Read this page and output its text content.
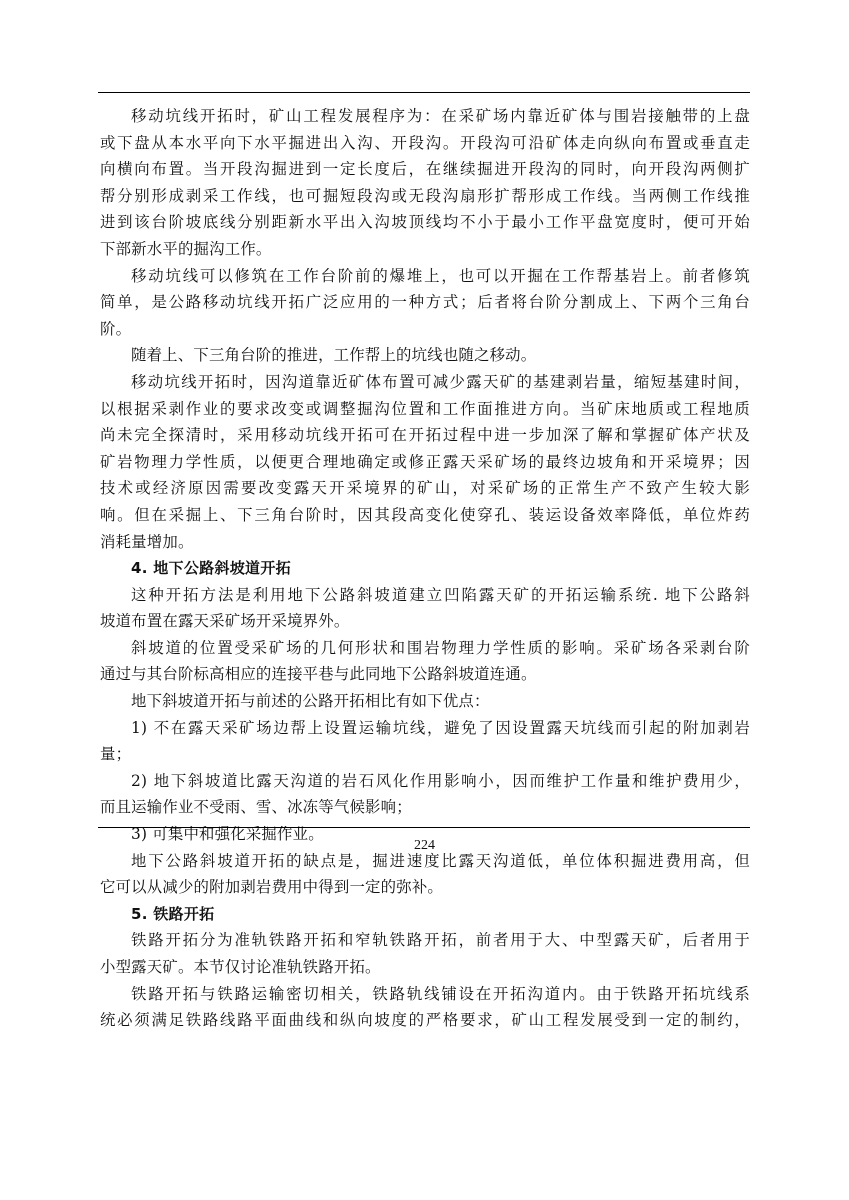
移动坑线开拓时，矿山工程发展程序为：在采矿场内靠近矿体与围岩接触带的上盘
或下盘从本水平向下水平掘进出入沟、开段沟。开段沟可沿矿体走向纵向布置或垂直走
向横向布置。当开段沟掘进到一定长度后，在继续掘进开段沟的同时，向开段沟两侧扩
帮分别形成剥采工作线，也可掘短段沟或无段沟扇形扩帮形成工作线。当两侧工作线推
进到该台阶坡底线分别距新水平出入沟坡顶线均不小于最小工作平盘宽度时，便可开始
下部新水平的掘沟工作。
移动坑线可以修筑在工作台阶前的爆堆上，也可以开掘在工作帮基岩上。前者修筑
简单，是公路移动坑线开拓广泛应用的一种方式；后者将台阶分割成上、下两个三角台
阶。
随着上、下三角台阶的推进，工作帮上的坑线也随之移动。
移动坑线开拓时，因沟道靠近矿体布置可减少露天矿的基建剥岩量，缩短基建时间，
以根据采剥作业的要求改变或调整掘沟位置和工作面推进方向。当矿床地质或工程地质
尚未完全探清时，采用移动坑线开拓可在开拓过程中进一步加深了解和掌握矿体产状及
矿岩物理力学性质，以便更合理地确定或修正露天采矿场的最终边坡角和开采境界；因
技术或经济原因需要改变露天开采境界的矿山，对采矿场的正常生产不致产生较大影
响。但在采掘上、下三角台阶时，因其段高变化使穿孔、装运设备效率降低，单位炸药
消耗量增加。
4. 地下公路斜坡道开拓
这种开拓方法是利用地下公路斜坡道建立凹陷露天矿的开拓运输系统. 地下公路斜
坡道布置在露天采矿场开采境界外。
斜坡道的位置受采矿场的几何形状和围岩物理力学性质的影响。采矿场各采剥台阶
通过与其台阶标高相应的连接平巷与此同地下公路斜坡道连通。
地下斜坡道开拓与前述的公路开拓相比有如下优点：
1) 不在露天采矿场边帮上设置运输坑线，避免了因设置露天坑线而引起的附加剥岩
量；
2) 地下斜坡道比露天沟道的岩石风化作用影响小，因而维护工作量和维护费用少，
而且运输作业不受雨、雪、冰冻等气候影响；
3) 可集中和强化采掘作业。
地下公路斜坡道开拓的缺点是，掘进速度比露天沟道低，单位体积掘进费用高，但
它可以从减少的附加剥岩费用中得到一定的弥补。
5. 铁路开拓
铁路开拓分为准轨铁路开拓和窄轨铁路开拓，前者用于大、中型露天矿，后者用于
小型露天矿。本节仅讨论准轨铁路开拓。
铁路开拓与铁路运输密切相关，铁路轨线铺设在开拓沟道内。由于铁路开拓坑线系
统必须满足铁路线路平面曲线和纵向坡度的严格要求，矿山工程发展受到一定的制约，
224
